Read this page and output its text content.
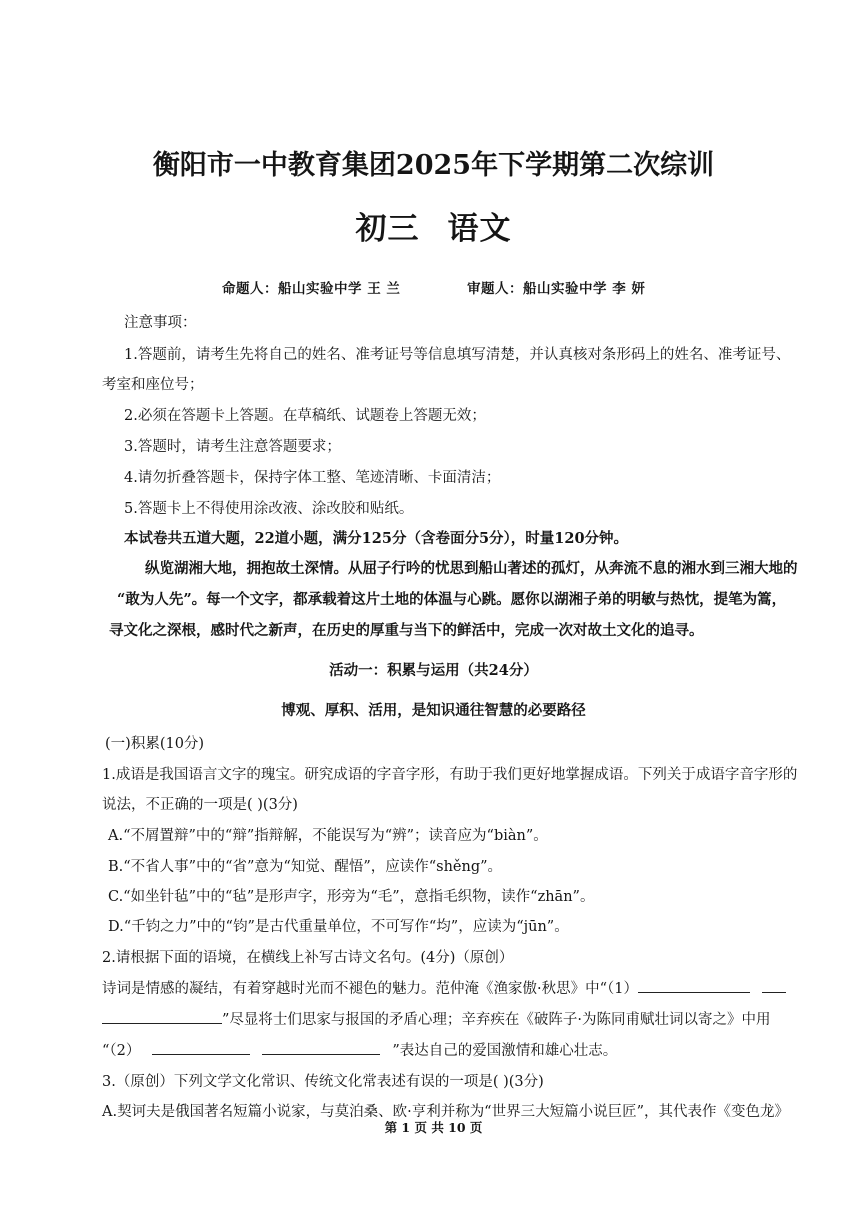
衡阳市一中教育集团2025年下学期第二次综训
初三 语文
命题人：船山实验中学 王 兰	审题人：船山实验中学 李 妍
注意事项：
1.答题前，请考生先将自己的姓名、准考证号等信息填写清楚，并认真核对条形码上的姓名、准考证号、
考室和座位号；
2.必须在答题卡上答题。在草稿纸、试题卷上答题无效；
3.答题时，请考生注意答题要求；
4.请勿折叠答题卡，保持字体工整、笔迹清晰、卡面清洁；
5.答题卡上不得使用涂改液、涂改胶和贴纸。
本试卷共五道大题，22道小题，满分125分（含卷面分5分），时量120分钟。
纵览湖湘大地，拥抱故土深情。从屈子行吟的忧思到船山著述的孤灯，从奔流不息的湘水到三湘大地的
“敢为人先”。每一个文字，都承载着这片土地的体温与心跳。愿你以湖湘子弟的明敏与热忱，提笔为篙，
寻文化之深根，感时代之新声，在历史的厚重与当下的鲜活中，完成一次对故土文化的追寻。
活动一：积累与运用（共24分）
博观、厚积、活用，是知识通往智慧的必要路径
(一)积累(10分)
1.成语是我国语言文字的瑰宝。研究成语的字音字形，有助于我们更好地掌握成语。下列关于成语字音字形的
说法，不正确的一项是( )(3分)
A.“不屑置辩”中的“辩”指辩解，不能误写为“辨”；读音应为“biàn”。
B.“不省人事”中的“省”意为“知觉、醒悟”，应读作“shěng”。
C.“如坐针毡”中的“毡”是形声字，形旁为“毛”，意指毛织物，读作“zhān”。
D.“千钧之力”中的“钧”是古代重量单位，不可写作“均”，应读为“jūn”。
2.请根据下面的语境，在横线上补写古诗文名句。(4分)（原创）
诗词是情感的凝结，有着穿越时光而不褪色的魅力。范仲淹《渔家傲·秋思》中“（1）
”尽显将士们思家与报国的矛盾心理；辛弃疾在《破阵子·为陈同甫赋壮词以寄之》中用
“（2）	”表达自己的爱国激情和雄心壮志。
3.（原创）下列文学文化常识、传统文化常表述有误的一项是( )(3分)
A.契诃夫是俄国著名短篇小说家，与莫泊桑、欧·亨利并称为“世界三大短篇小说巨匠”，其代表作《变色龙》
第 1 页 共 10 页
